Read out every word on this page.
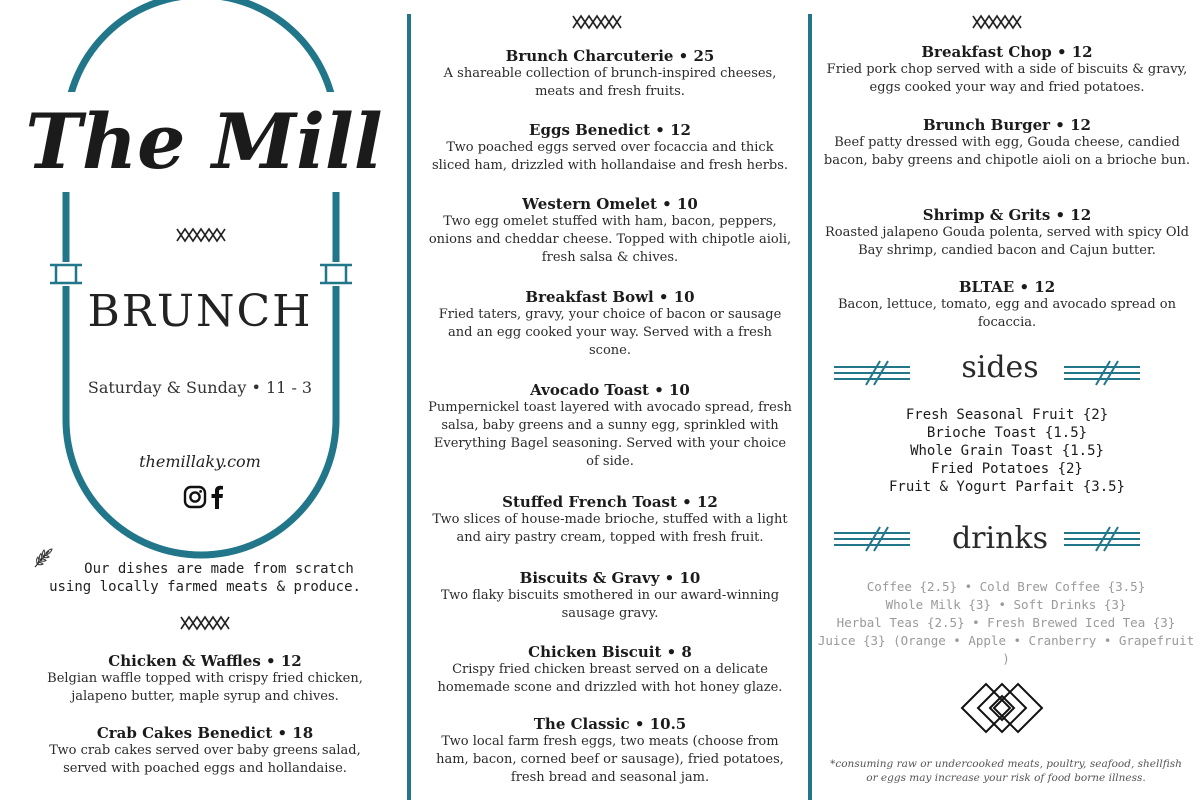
The Mill
BRUNCH
Saturday & Sunday • 11 - 3
themillaky.com
Our dishes are made from scratch
using locally farmed meats & produce.
Chicken & Waffles • 12
Belgian waffle topped with crispy fried chicken, jalapeno butter, maple syrup and chives.
Crab Cakes Benedict • 18
Two crab cakes served over baby greens salad, served with poached eggs and hollandaise.
Brunch Charcuterie • 25
A shareable collection of brunch-inspired cheeses, meats and fresh fruits.
Eggs Benedict • 12
Two poached eggs served over focaccia and thick sliced ham, drizzled with hollandaise and fresh herbs.
Western Omelet • 10
Two egg omelet stuffed with ham, bacon, peppers, onions and cheddar cheese. Topped with chipotle aioli, fresh salsa & chives.
Breakfast Bowl • 10
Fried taters, gravy, your choice of bacon or sausage and an egg cooked your way. Served with a fresh scone.
Avocado Toast • 10
Pumpernickel toast layered with avocado spread, fresh salsa, baby greens and a sunny egg, sprinkled with Everything Bagel seasoning. Served with your choice of side.
Stuffed French Toast • 12
Two slices of house-made brioche, stuffed with a light and airy pastry cream, topped with fresh fruit.
Biscuits & Gravy • 10
Two flaky biscuits smothered in our award-winning sausage gravy.
Chicken Biscuit • 8
Crispy fried chicken breast served on a delicate homemade scone and drizzled with hot honey glaze.
The Classic • 10.5
Two local farm fresh eggs, two meats (choose from ham, bacon, corned beef or sausage), fried potatoes, fresh bread and seasonal jam.
Breakfast Chop • 12
Fried pork chop served with a side of biscuits & gravy, eggs cooked your way and fried potatoes.
Brunch Burger • 12
Beef patty dressed with egg, Gouda cheese, candied bacon, baby greens and chipotle aioli on a brioche bun.
Shrimp & Grits • 12
Roasted jalapeno Gouda polenta, served with spicy Old Bay shrimp, candied bacon and Cajun butter.
BLTAE • 12
Bacon, lettuce, tomato, egg and avocado spread on focaccia.
sides
Fresh Seasonal Fruit {2}
Brioche Toast {1.5}
Whole Grain Toast {1.5}
Fried Potatoes {2}
Fruit & Yogurt Parfait {3.5}
drinks
Coffee {2.5} • Cold Brew Coffee {3.5}
Whole Milk {3} • Soft Drinks {3}
Herbal Teas {2.5} • Fresh Brewed Iced Tea {3}
Juice {3} (Orange • Apple • Cranberry • Grapefruit )
*consuming raw or undercooked meats, poultry, seafood, shellfish
or eggs may increase your risk of food borne illness.
